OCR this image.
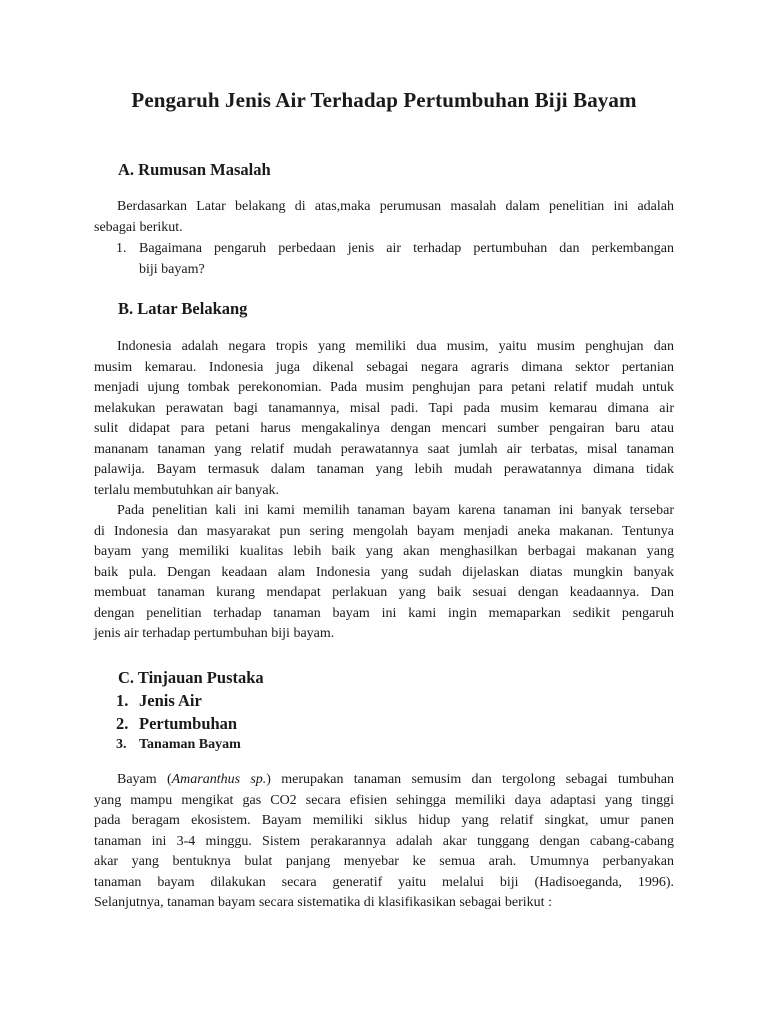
Pengaruh Jenis Air Terhadap Pertumbuhan Biji Bayam
A. Rumusan Masalah
Berdasarkan Latar belakang di atas,maka perumusan masalah dalam penelitian ini adalah
sebagai berikut.
1. Bagaimana pengaruh perbedaan jenis air terhadap pertumbuhan dan perkembangan
biji bayam?
B. Latar Belakang
Indonesia adalah negara tropis yang memiliki dua musim, yaitu musim penghujan dan
musim kemarau. Indonesia juga dikenal sebagai negara agraris dimana sektor pertanian
menjadi ujung tombak perekonomian. Pada musim penghujan para petani relatif mudah untuk
melakukan perawatan bagi tanamannya, misal padi. Tapi pada musim kemarau dimana air
sulit didapat para petani harus mengakalinya dengan mencari sumber pengairan baru atau
mananam tanaman yang relatif mudah perawatannya saat jumlah air terbatas, misal tanaman
palawija. Bayam termasuk dalam tanaman yang lebih mudah perawatannya dimana tidak
terlalu membutuhkan air banyak.
Pada penelitian kali ini kami memilih tanaman bayam karena tanaman ini banyak tersebar
di Indonesia dan masyarakat pun sering mengolah bayam menjadi aneka makanan. Tentunya
bayam yang memiliki kualitas lebih baik yang akan menghasilkan berbagai makanan yang
baik pula. Dengan keadaan alam Indonesia yang sudah dijelaskan diatas mungkin banyak
membuat tanaman kurang mendapat perlakuan yang baik sesuai dengan keadaannya. Dan
dengan penelitian terhadap tanaman bayam ini kami ingin memaparkan sedikit pengaruh
jenis air terhadap pertumbuhan biji bayam.
C. Tinjauan Pustaka
1. Jenis Air
2. Pertumbuhan
3. Tanaman Bayam
Bayam (Amaranthus sp.) merupakan tanaman semusim dan tergolong sebagai tumbuhan
yang mampu mengikat gas CO2 secara efisien sehingga memiliki daya adaptasi yang tinggi
pada beragam ekosistem. Bayam memiliki siklus hidup yang relatif singkat, umur panen
tanaman ini 3-4 minggu. Sistem perakarannya adalah akar tunggang dengan cabang-cabang
akar yang bentuknya bulat panjang menyebar ke semua arah. Umumnya perbanyakan
tanaman bayam dilakukan secara generatif yaitu melalui biji (Hadisoeganda, 1996).
Selanjutnya, tanaman bayam secara sistematika di klasifikasikan sebagai berikut :
